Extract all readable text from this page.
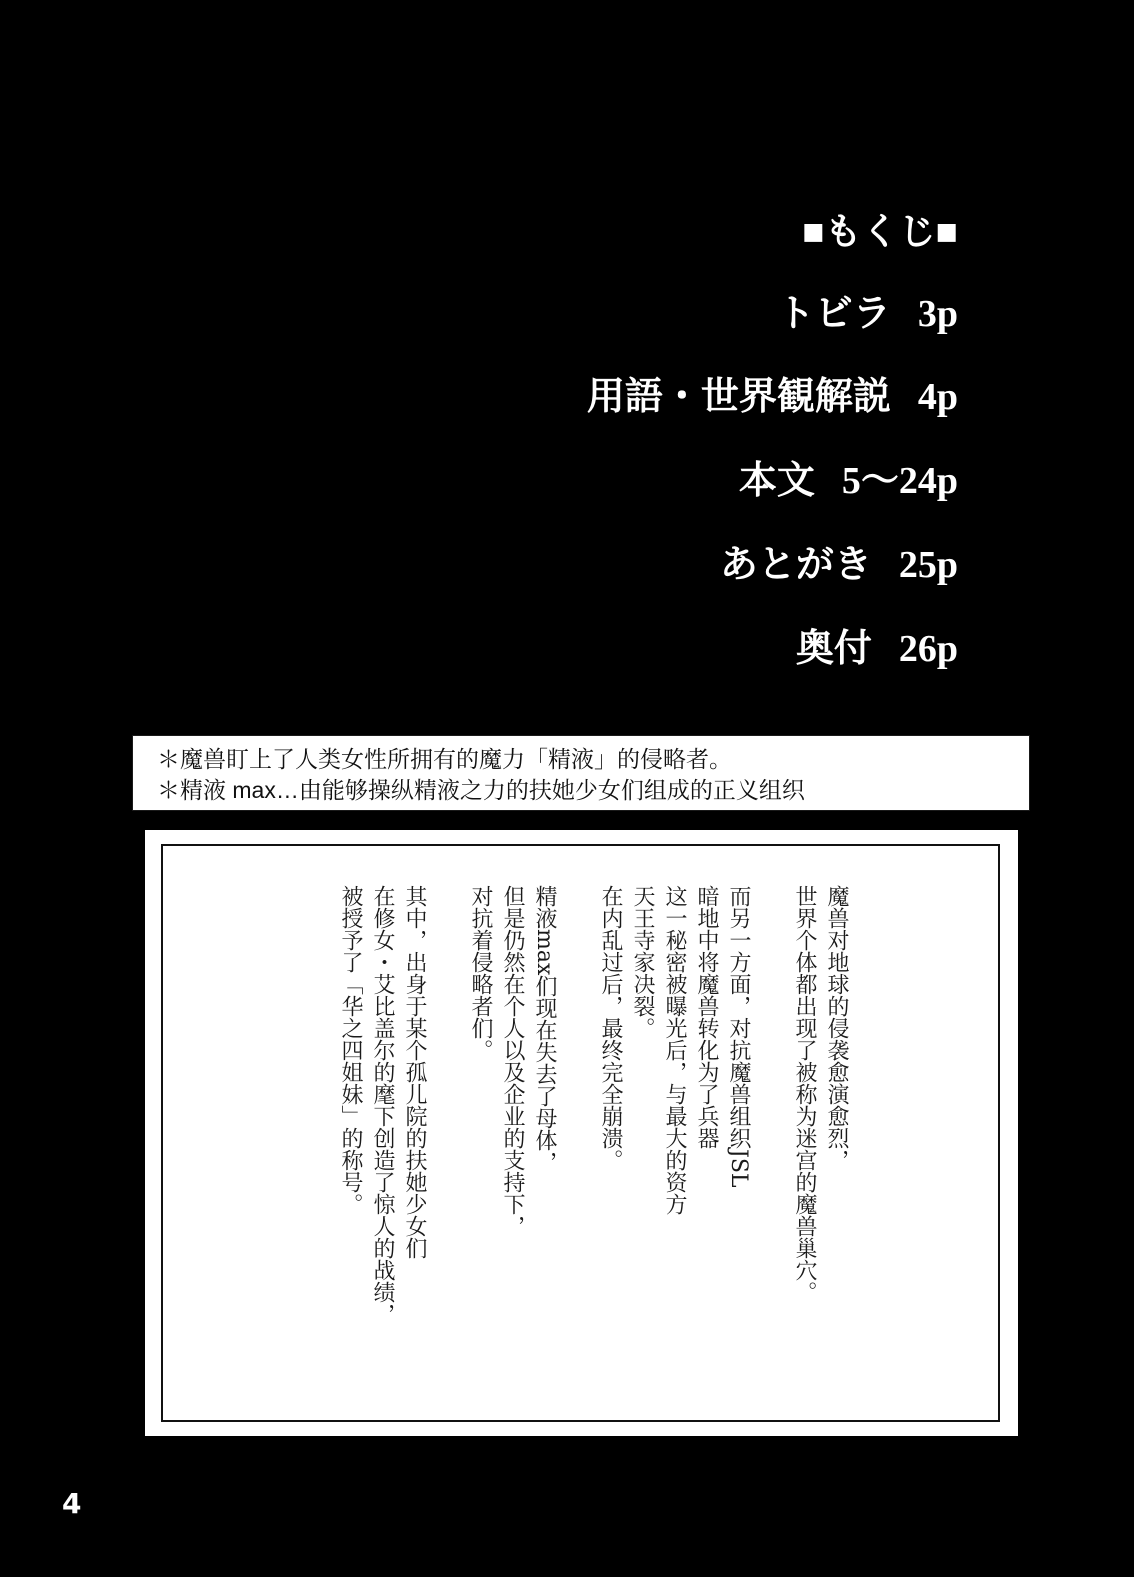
■もくじ■
トビラ 3p
用語・世界観解説 4p
本文 5～24p
あとがき 25p
奥付 26p
＊魔兽盯上了人类女性所拥有的魔力「精液」的侵略者。
＊精液 max…由能够操纵精液之力的扶她少女们组成的正义组织

魔兽对地球的侵袭愈演愈烈，

世界个体都出现了被称为迷宫的魔兽巢穴。

而另一方面，对抗魔兽组织JSL

暗地中将魔兽转化为了兵器

这一秘密被曝光后，与最大的资方

天王寺家决裂。

在内乱过后，最终完全崩溃。

精液max们现在失去了母体，

但是仍然在个人以及企业的支持下，

对抗着侵略者们。

其中，出身于某个孤儿院的扶她少女们

在修女・艾比盖尔的麾下创造了惊人的战绩，

被授予了「华之四姐妹」的称号。

4
